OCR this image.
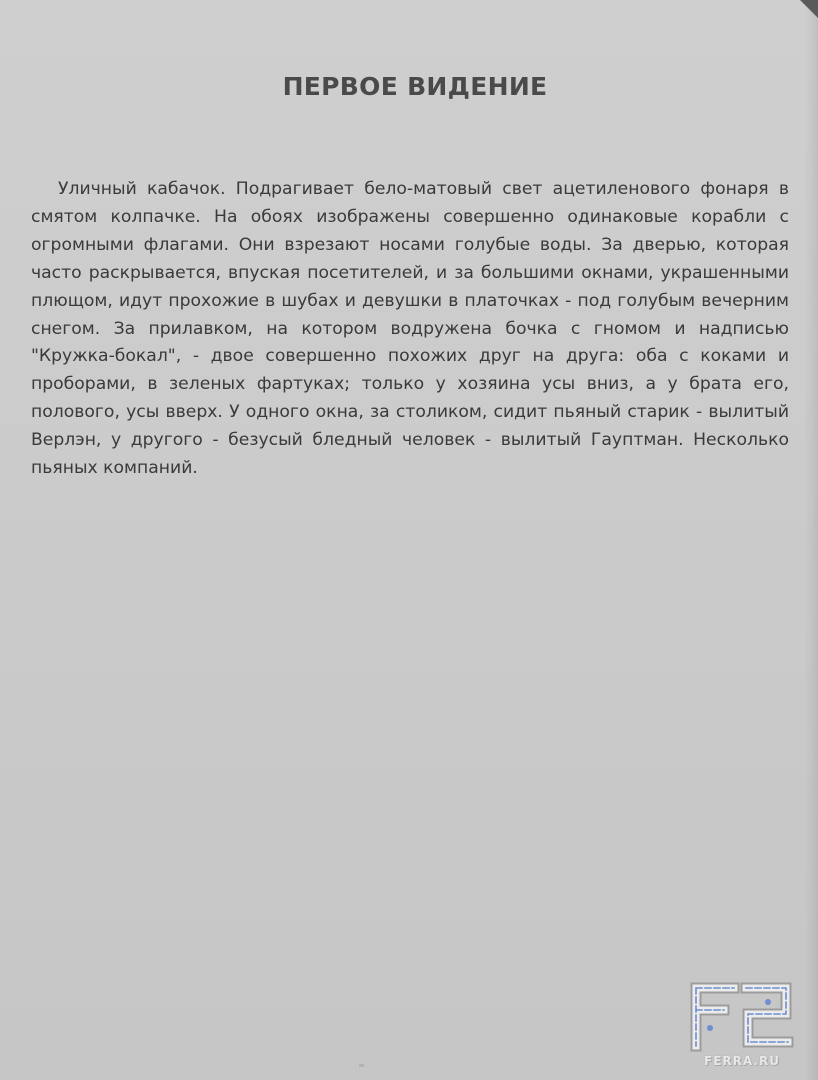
ПЕРВОЕ ВИДЕНИЕ

Уличный кабачок. Подрагивает бело-матовый свет ацетиленового фонаря в смятом колпачке. На обоях изображены совершенно одинаковые корабли с огромными флагами. Они взрезают носами голубые воды. За дверью, которая часто раскрывается, впуская посетителей, и за большими окнами, украшенными плющом, идут прохожие в шубах и девушки в платочках - под голубым вечерним снегом. За прилавком, на котором водружена бочка с гномом и надписью "Кружка-бокал", - двое совершенно похожих друг на друга: оба с коками и проборами, в зеленых фартуках; только у хозяина усы вниз, а у брата его, полового, усы вверх. У одного окна, за столиком, сидит пьяный старик - вылитый Верлэн, у другого - безусый бледный человек - вылитый Гауптман. Несколько пьяных компаний.

FERRA.RU
